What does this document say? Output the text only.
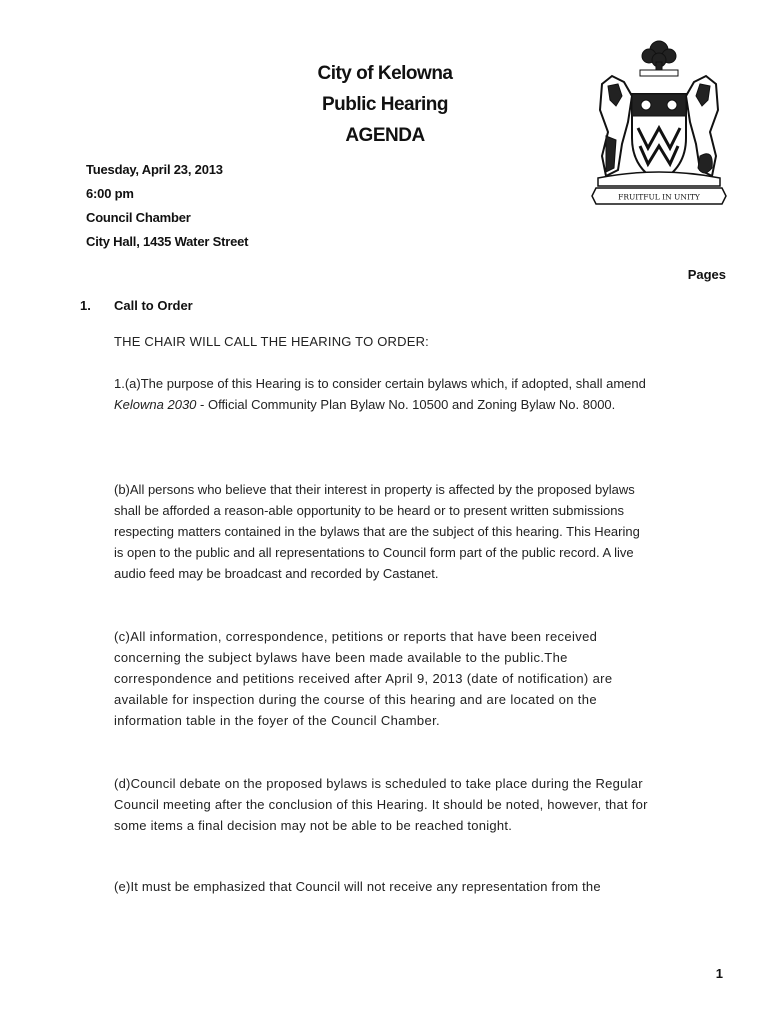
City of Kelowna
Public Hearing
AGENDA
FRUITFUL IN UNITY
Tuesday, April 23, 2013
6:00 pm
Council Chamber
City Hall, 1435 Water Street
Pages
1. Call to Order
THE CHAIR WILL CALL THE HEARING TO ORDER:
1.(a)The purpose of this Hearing is to consider certain bylaws which, if adopted, shall amend Kelowna 2030 - Official Community Plan Bylaw No. 10500 and Zoning Bylaw No. 8000.
(b)All persons who believe that their interest in property is affected by the proposed bylaws shall be afforded a reason-able opportunity to be heard or to present written submissions respecting matters contained in the bylaws that are the subject of this hearing. This Hearing is open to the public and all representations to Council form part of the public record. A live audio feed may be broadcast and recorded by Castanet.
(c)All information, correspondence, petitions or reports that have been received concerning the subject bylaws have been made available to the public.The correspondence and petitions received after April 9, 2013 (date of notification) are available for inspection during the course of this hearing and are located on the information table in the foyer of the Council Chamber.
(d)Council debate on the proposed bylaws is scheduled to take place during the Regular Council meeting after the conclusion of this Hearing. It should be noted, however, that for some items a final decision may not be able to be reached tonight.
(e)It must be emphasized that Council will not receive any representation from the
1
